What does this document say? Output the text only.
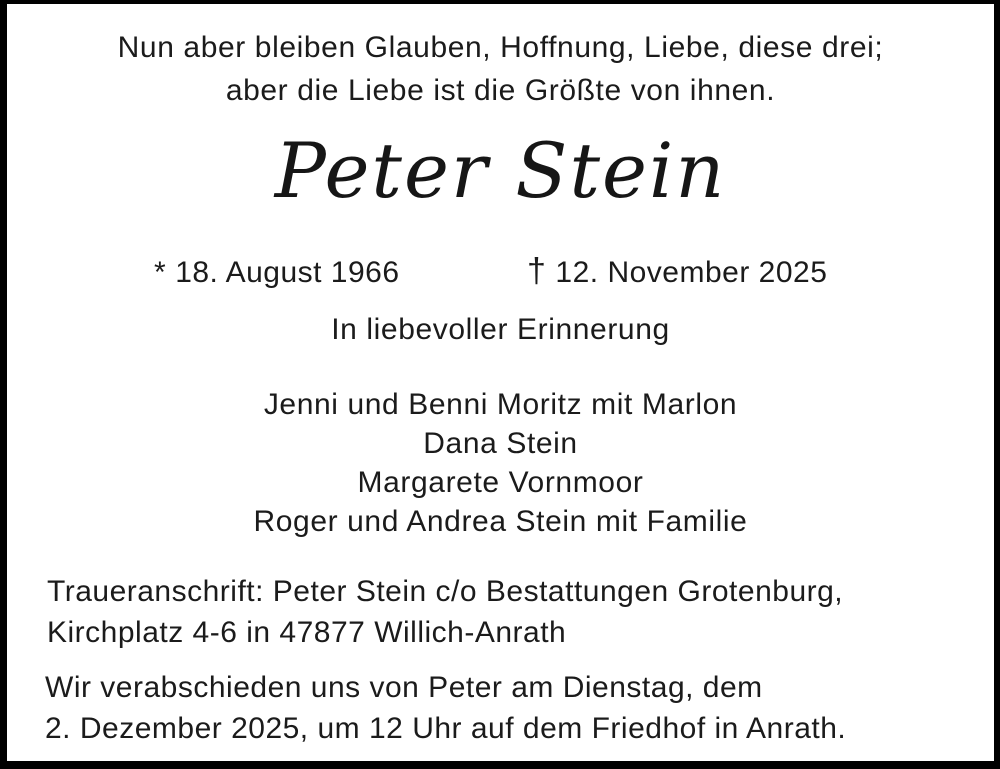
Nun aber bleiben Glauben, Hoffnung, Liebe, diese drei;
aber die Liebe ist die Größte von ihnen.
Peter Stein
* 18. August 1966	† 12. November 2025
In liebevoller Erinnerung
Jenni und Benni Moritz mit Marlon
Dana Stein
Margarete Vornmoor
Roger und Andrea Stein mit Familie
Traueranschrift: Peter Stein c/o Bestattungen Grotenburg,
Kirchplatz 4-6 in 47877 Willich-Anrath
Wir verabschieden uns von Peter am Dienstag, dem
2. Dezember 2025, um 12 Uhr auf dem Friedhof in Anrath.
